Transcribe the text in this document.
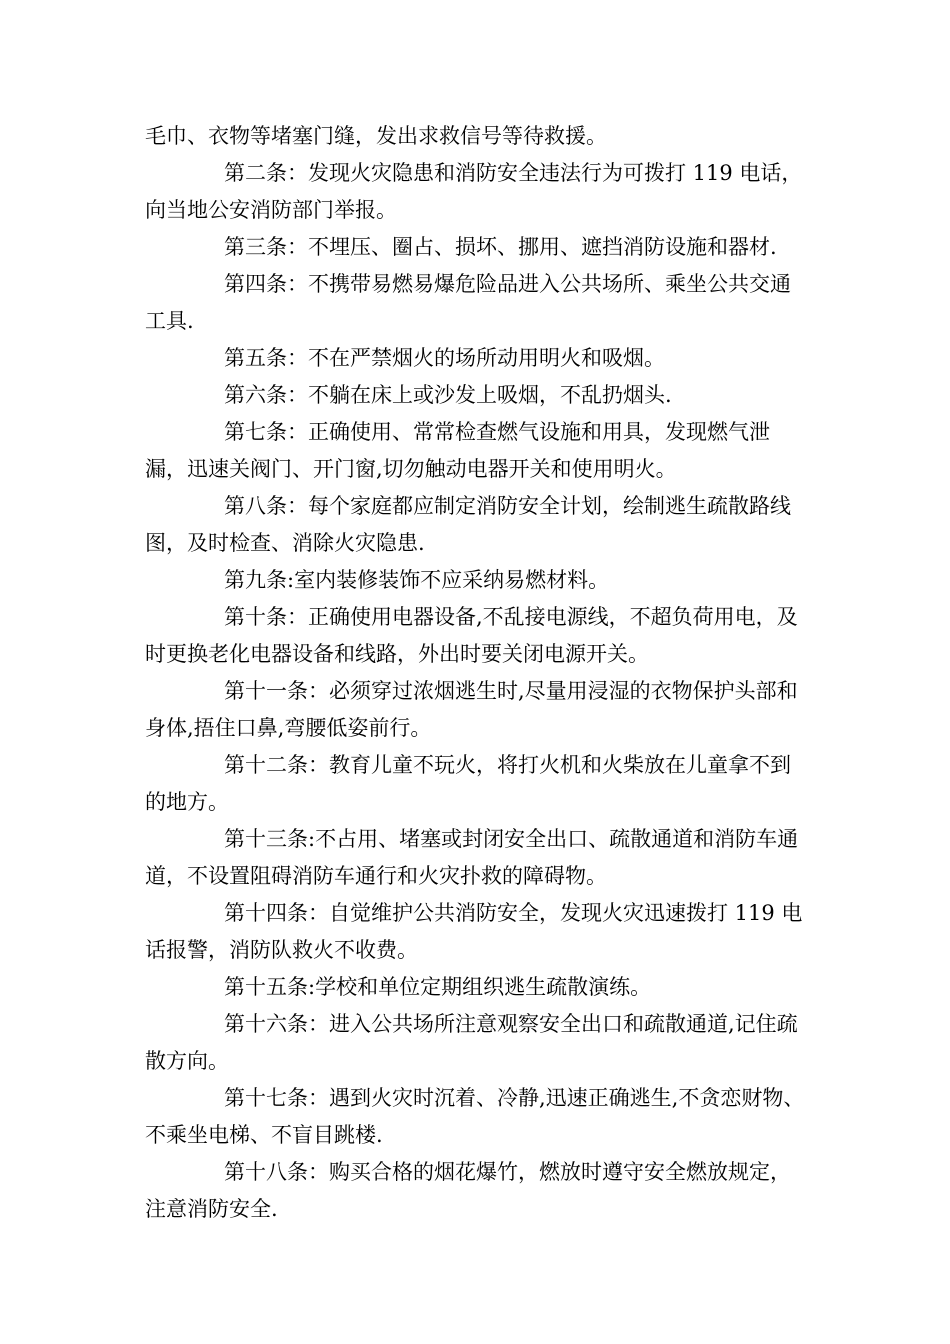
毛巾、衣物等堵塞门缝，发出求救信号等待救援。

第二条：发现火灾隐患和消防安全违法行为可拨打 119 电话，向当地公安消防部门举报。

第三条：不埋压、圈占、损坏、挪用、遮挡消防设施和器材.

第四条：不携带易燃易爆危险品进入公共场所、乘坐公共交通工具.

第五条：不在严禁烟火的场所动用明火和吸烟。

第六条：不躺在床上或沙发上吸烟，不乱扔烟头.

第七条：正确使用、常常检查燃气设施和用具，发现燃气泄漏，迅速关阀门、开门窗,切勿触动电器开关和使用明火。

第八条：每个家庭都应制定消防安全计划，绘制逃生疏散路线图，及时检查、消除火灾隐患.

第九条:室内装修装饰不应采纳易燃材料。

第十条：正确使用电器设备,不乱接电源线，不超负荷用电，及时更换老化电器设备和线路，外出时要关闭电源开关。

第十一条：必须穿过浓烟逃生时,尽量用浸湿的衣物保护头部和身体,捂住口鼻,弯腰低姿前行。

第十二条：教育儿童不玩火，将打火机和火柴放在儿童拿不到的地方。

第十三条:不占用、堵塞或封闭安全出口、疏散通道和消防车通道，不设置阻碍消防车通行和火灾扑救的障碍物。

第十四条：自觉维护公共消防安全，发现火灾迅速拨打 119 电话报警，消防队救火不收费。

第十五条:学校和单位定期组织逃生疏散演练。

第十六条：进入公共场所注意观察安全出口和疏散通道,记住疏散方向。

第十七条：遇到火灾时沉着、冷静,迅速正确逃生,不贪恋财物、不乘坐电梯、不盲目跳楼.

第十八条：购买合格的烟花爆竹，燃放时遵守安全燃放规定，注意消防安全.
